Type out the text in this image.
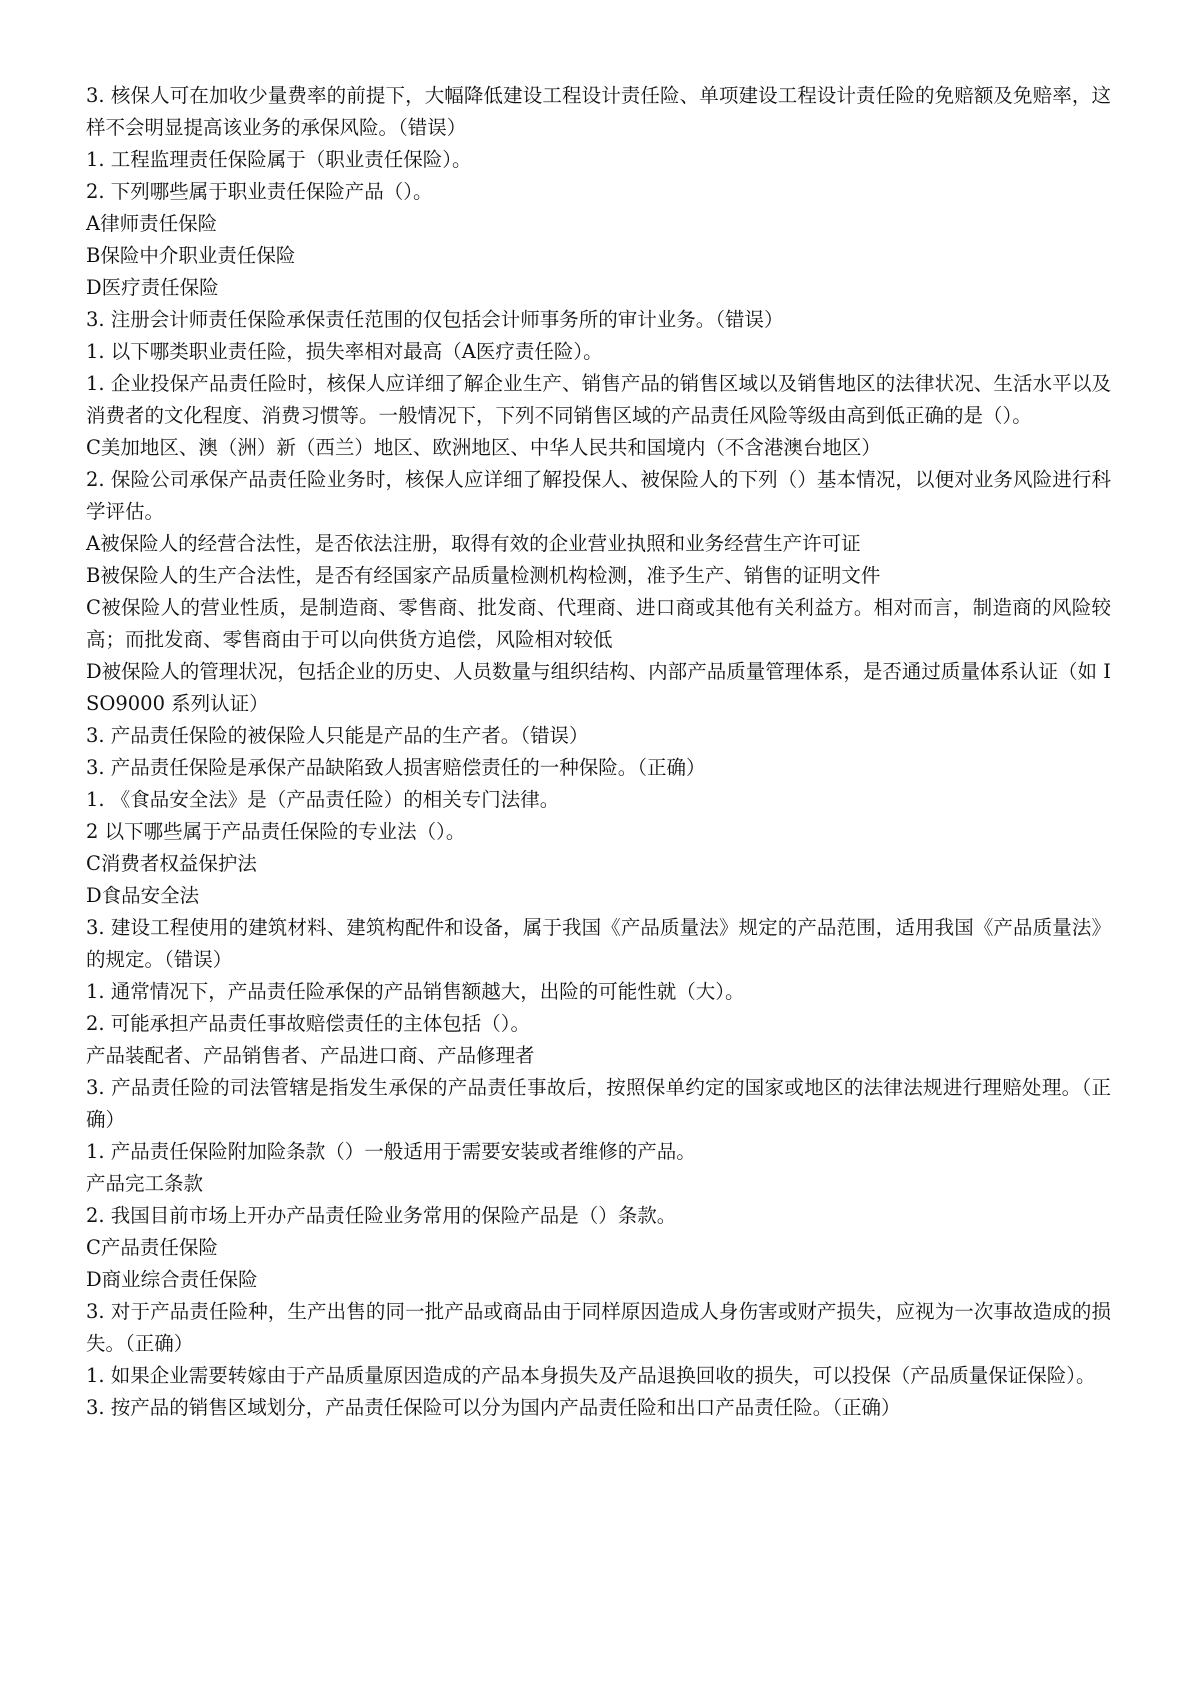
3. 核保人可在加收少量费率的前提下，大幅降低建设工程设计责任险、单项建设工程设计责任险的免赔额及免赔率，这样不会明显提高该业务的承保风险。（错误）

1. 工程监理责任保险属于（职业责任保险）。

2. 下列哪些属于职业责任保险产品（）。

A律师责任保险

B保险中介职业责任保险

D医疗责任保险

3. 注册会计师责任保险承保责任范围的仅包括会计师事务所的审计业务。（错误）

1. 以下哪类职业责任险，损失率相对最高（A医疗责任险）。

1. 企业投保产品责任险时，核保人应详细了解企业生产、销售产品的销售区域以及销售地区的法律状况、生活水平以及消费者的文化程度、消费习惯等。一般情况下，下列不同销售区域的产品责任风险等级由高到低正确的是（）。

C美加地区、澳（洲）新（西兰）地区、欧洲地区、中华人民共和国境内（不含港澳台地区）

2. 保险公司承保产品责任险业务时，核保人应详细了解投保人、被保险人的下列（）基本情况，以便对业务风险进行科学评估。

A被保险人的经营合法性，是否依法注册，取得有效的企业营业执照和业务经营生产许可证

B被保险人的生产合法性，是否有经国家产品质量检测机构检测，准予生产、销售的证明文件

C被保险人的营业性质，是制造商、零售商、批发商、代理商、进口商或其他有关利益方。相对而言，制造商的风险较高；而批发商、零售商由于可以向供货方追偿，风险相对较低

D被保险人的管理状况，包括企业的历史、人员数量与组织结构、内部产品质量管理体系，是否通过质量体系认证（如 ISO9000 系列认证）

3. 产品责任保险的被保险人只能是产品的生产者。（错误）

3. 产品责任保险是承保产品缺陷致人损害赔偿责任的一种保险。（正确）

1. 《食品安全法》是（产品责任险）的相关专门法律。

2 以下哪些属于产品责任保险的专业法（）。

C消费者权益保护法

D食品安全法

3. 建设工程使用的建筑材料、建筑构配件和设备，属于我国《产品质量法》规定的产品范围，适用我国《产品质量法》的规定。（错误）

1. 通常情况下，产品责任险承保的产品销售额越大，出险的可能性就（大）。

2. 可能承担产品责任事故赔偿责任的主体包括（）。

产品装配者、产品销售者、产品进口商、产品修理者

3. 产品责任险的司法管辖是指发生承保的产品责任事故后，按照保单约定的国家或地区的法律法规进行理赔处理。（正确）

1. 产品责任保险附加险条款（）一般适用于需要安装或者维修的产品。

产品完工条款

2. 我国目前市场上开办产品责任险业务常用的保险产品是（）条款。

C产品责任保险

D商业综合责任保险

3. 对于产品责任险种，生产出售的同一批产品或商品由于同样原因造成人身伤害或财产损失，应视为一次事故造成的损失。（正确）

1. 如果企业需要转嫁由于产品质量原因造成的产品本身损失及产品退换回收的损失，可以投保（产品质量保证保险）。

3. 按产品的销售区域划分，产品责任保险可以分为国内产品责任险和出口产品责任险。（正确）
